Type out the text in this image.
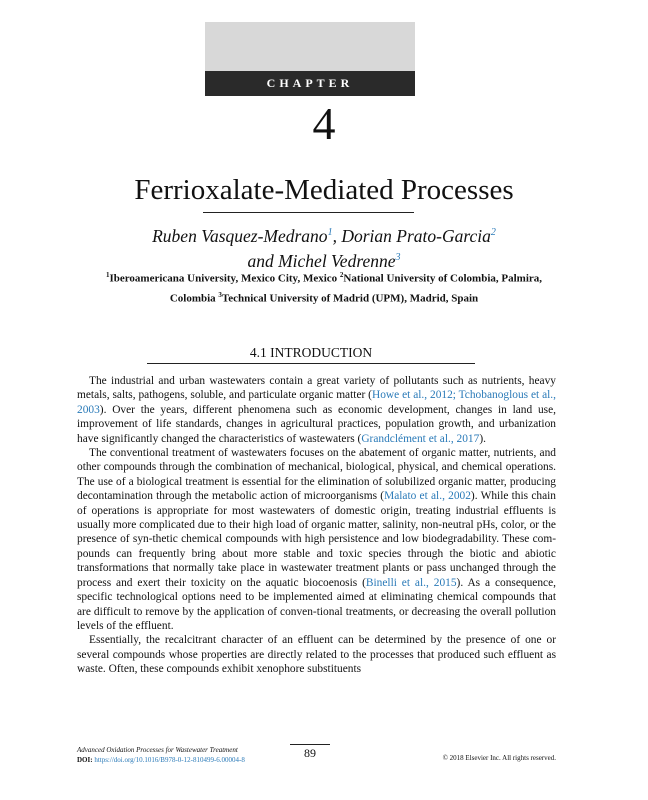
CHAPTER
4
Ferrioxalate-Mediated Processes
Ruben Vasquez-Medrano$^1$, Dorian Prato-Garcia$^2$
and Michel Vedrenne$^3$
$^1$Iberoamericana University, Mexico City, Mexico $^2$National University of Colombia, Palmira,
Colombia $^3$Technical University of Madrid (UPM), Madrid, Spain
4.1 INTRODUCTION

The industrial and urban wastewaters contain a great variety of pollutants such as nutrients, heavy metals, salts, pathogens, soluble, and particulate organic matter (Howe et al., 2012; Tchobanoglous et al., 2003). Over the years, different phenomena such as economic development, changes in land use, improvement of life standards, changes in agricultural practices, population growth, and urbanization have significantly changed the characteristics of wastewaters (Grandclément et al., 2017).

The conventional treatment of wastewaters focuses on the abatement of organic matter, nutrients, and other compounds through the combination of mechanical, biological, physical, and chemical operations. The use of a biological treatment is essential for the elimination of solubilized organic matter, producing decontamination through the metabolic action of microorganisms (Malato et al., 2002). While this chain of operations is appropriate for most wastewaters of domestic origin, treating industrial effluents is usually more complicated due to their high load of organic matter, salinity, non-neutral pHs, color, or the presence of syn-thetic chemical compounds with high persistence and low biodegradability. These com-pounds can frequently bring about more stable and toxic species through the biotic and abiotic transformations that normally take place in wastewater treatment plants or pass unchanged through the process and exert their toxicity on the aquatic biocoenosis (Binelli et al., 2015). As a consequence, specific technological options need to be implemented aimed at eliminating chemical compounds that are difficult to remove by the application of conven-tional treatments, or decreasing the overall pollution levels of the effluent.

Essentially, the recalcitrant character of an effluent can be determined by the presence of one or several compounds whose properties are directly related to the processes that produced such effluent as waste. Often, these compounds exhibit xenophore substituents

Advanced Oxidation Processes for Wastewater Treatment
DOI: https://doi.org/10.1016/B978-0-12-810499-6.00004-8	89	© 2018 Elsevier Inc. All rights reserved.
